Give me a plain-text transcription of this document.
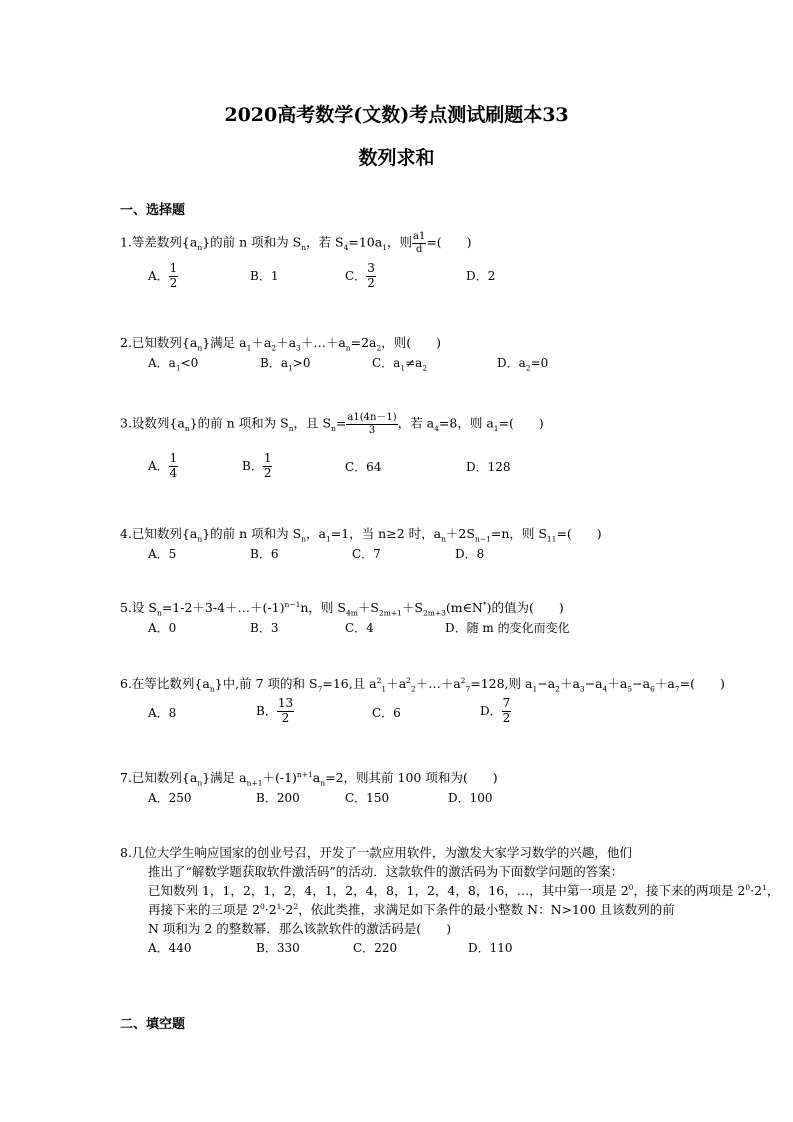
2020高考数学(文数)考点测试刷题本33
数列求和
一、选择题
1.等差数列$\{a_n\}$的前 n 项和为 $S_n$，若 $S_4=10a_1$，则 $\frac{a1}{d}$ =(　　)
A． $\frac{1}{2}$	B．1	C． $\frac{3}{2}$	D．2
2.已知数列$\{a_n\}$满足 $a_1+a_2+a_3+\dots+a_n=2a_2$，则(　　)
A．$a_1<0$	B．$a_1>0$	C．$a_1\ne a_2$	D．$a_2=0$
3.设数列$\{a_n\}$的前 n 项和为 $S_n$，且 $S_n= \frac{a1(4n-1)}{3}$ ，若 $a_4=8$，则 $a_1=$(　　)
A． $\frac{1}{4}$	B． $\frac{1}{2}$	C．64	D．128
4.已知数列$\{a_n\}$的前 n 项和为 $S_n$，$a_1=1$，当 n≥2 时，$a_n+2S_{n-1}=n$，则 $S_{11}=$(　　)
A．5	B．6	C．7	D．8
5.设 $S_n=1-2+3-4+\dots+(-1)^{n-1}n$，则 $S_{4m}+S_{2m+1}+S_{2m+3}(m\in N^*)$的值为(　　)
A．0	B．3	C．4	D．随 m 的变化而变化
6.在等比数列$\{a_n\}$中,前 7 项的和 $S_7=16$,且 $a^2_1+a^2_2+\dots+a^2_7=128$,则 $a_1-a_2+a_3-a_4+a_5-a_6+a_7=$(　　)
A．8	B． $\frac{13}{2}$	C．6	D． $\frac{7}{2}$
7.已知数列$\{a_n\}$满足 $a_{n+1}+(-1)^{n+1}a_n=2$，则其前 100 项和为(　　)
A．250	B．200	C．150	D．100
8.几位大学生响应国家的创业号召，开发了一款应用软件，为激发大家学习数学的兴趣，他们
推出了“解数学题获取软件激活码”的活动．这款软件的激活码为下面数学问题的答案：
已知数列 1，1，2，1，2，4，1，2，4，8，1，2，4，8，16，…，其中第一项是 $2^0$，接下来的两项是 $2^0\cdot 2^1$，
再接下来的三项是 $2^0\cdot 2^1\cdot 2^2$，依此类推，求满足如下条件的最小整数 N：N>100 且该数列的前
N 项和为 2 的整数幂．那么该款软件的激活码是(　　)
A．440	B．330	C．220	D．110
二、填空题
